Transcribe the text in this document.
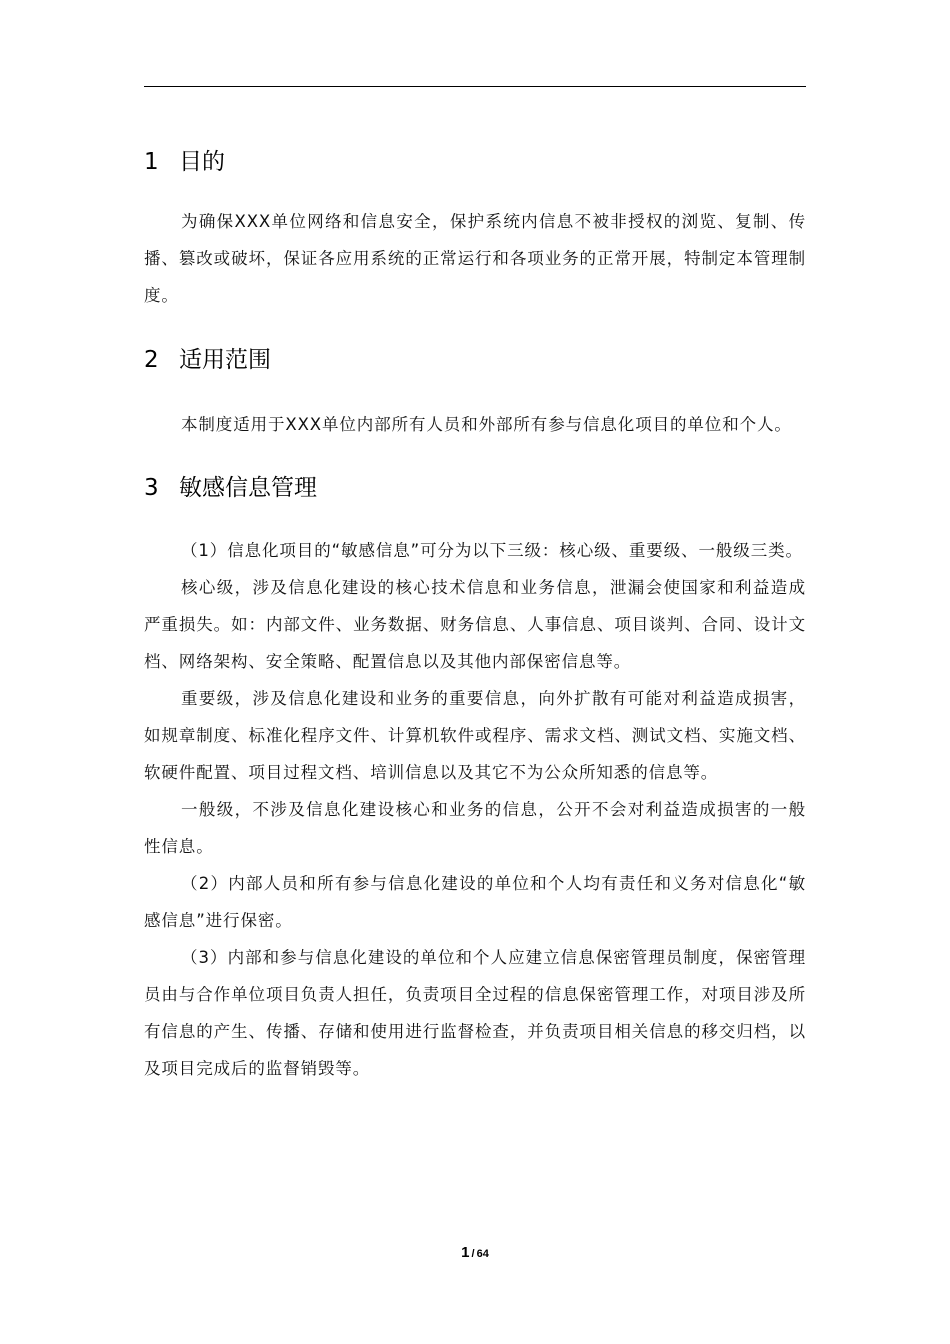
1 目的

为确保XXX单位网络和信息安全，保护系统内信息不被非授权的浏览、复制、传播、篡改或破坏，保证各应用系统的正常运行和各项业务的正常开展，特制定本管理制度。

2 适用范围

本制度适用于XXX单位内部所有人员和外部所有参与信息化项目的单位和个人。

3 敏感信息管理

（1）信息化项目的“敏感信息”可分为以下三级：核心级、重要级、一般级三类。

核心级，涉及信息化建设的核心技术信息和业务信息，泄漏会使国家和利益造成严重损失。如：内部文件、业务数据、财务信息、人事信息、项目谈判、合同、设计文档、网络架构、安全策略、配置信息以及其他内部保密信息等。

重要级，涉及信息化建设和业务的重要信息，向外扩散有可能对利益造成损害，如规章制度、标准化程序文件、计算机软件或程序、需求文档、测试文档、实施文档、软硬件配置、项目过程文档、培训信息以及其它不为公众所知悉的信息等。

一般级，不涉及信息化建设核心和业务的信息，公开不会对利益造成损害的一般性信息。

（2）内部人员和所有参与信息化建设的单位和个人均有责任和义务对信息化“敏感信息”进行保密。

（3）内部和参与信息化建设的单位和个人应建立信息保密管理员制度，保密管理员由与合作单位项目负责人担任，负责项目全过程的信息保密管理工作，对项目涉及所有信息的产生、传播、存储和使用进行监督检查，并负责项目相关信息的移交归档，以及项目完成后的监督销毁等。

1 / 64
